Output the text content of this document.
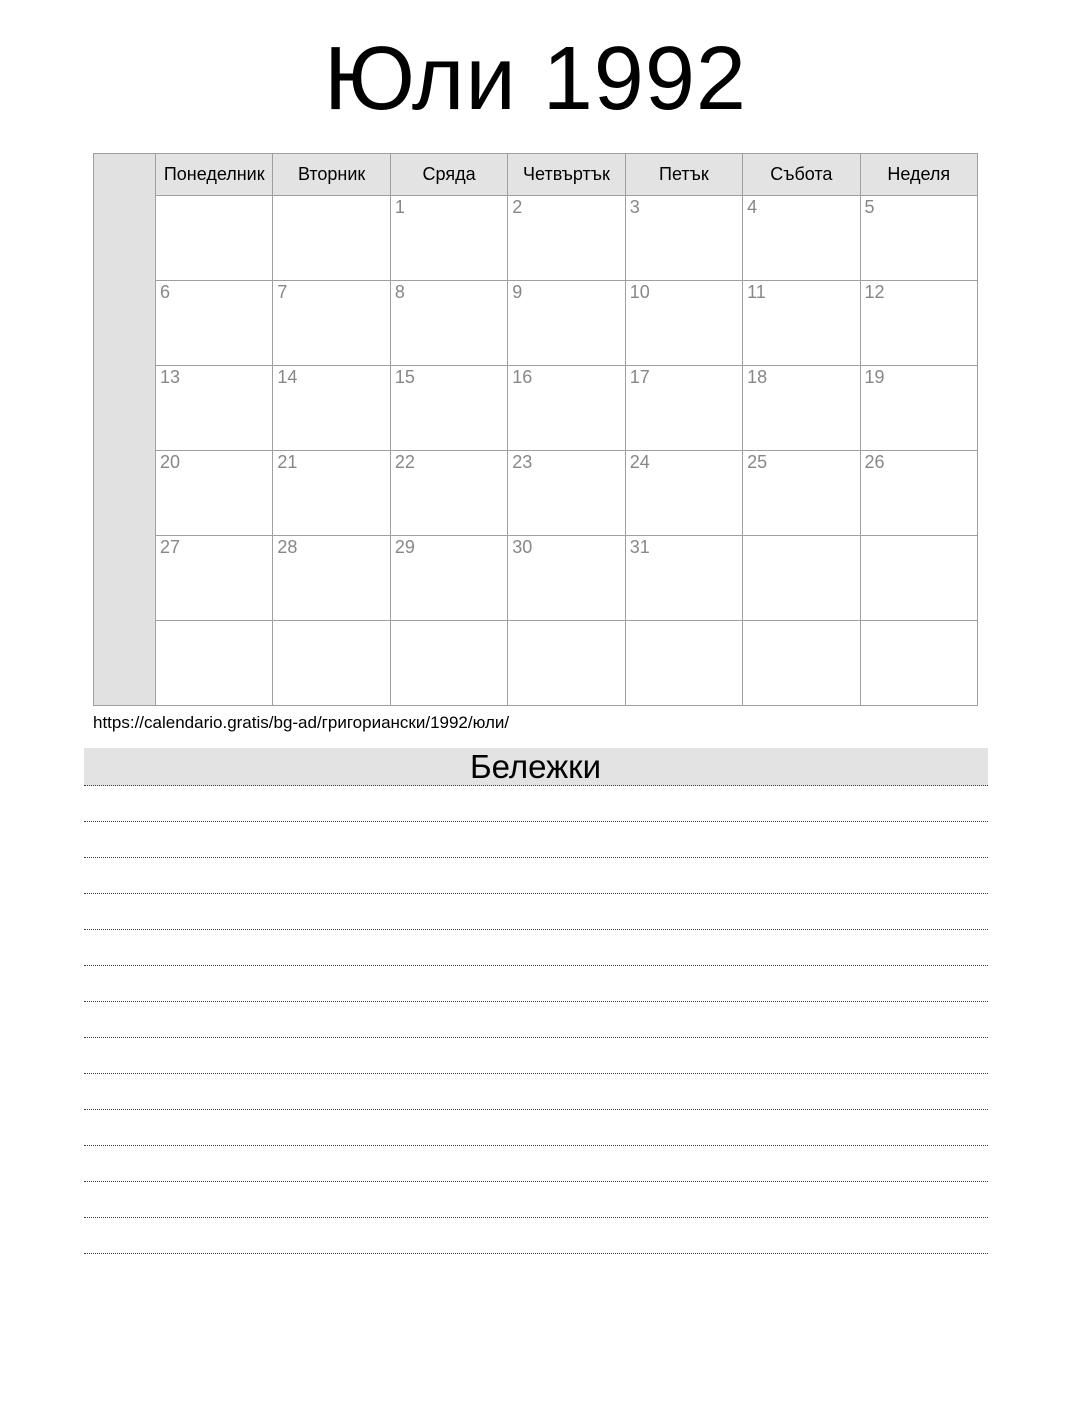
Юли 1992
	Понеделник	Вторник	Сряда	Четвъртък	Петък	Събота	Неделя
			1	2	3	4	5
	6	7	8	9	10	11	12
	13	14	15	16	17	18	19
	20	21	22	23	24	25	26
	27	28	29	30	31		

https://calendario.gratis/bg-ad/григориански/1992/юли/
Бележки
